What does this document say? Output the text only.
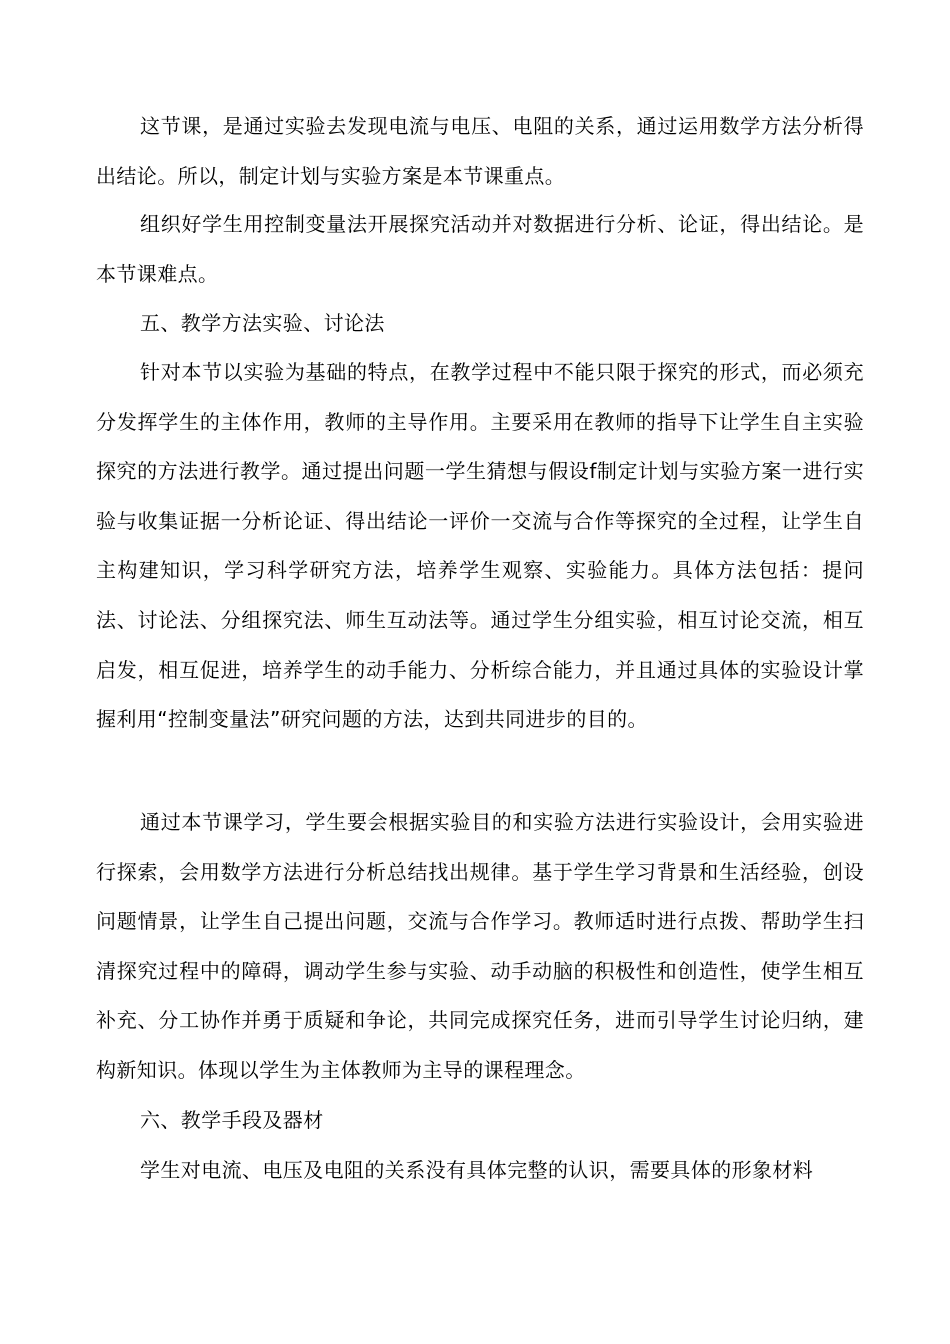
这节课，是通过实验去发现电流与电压、电阻的关系，通过运用数学方法分析得出结论。所以，制定计划与实验方案是本节课重点。

组织好学生用控制变量法开展探究活动并对数据进行分析、论证，得出结论。是本节课难点。

五、教学方法实验、讨论法

针对本节以实验为基础的特点，在教学过程中不能只限于探究的形式，而必须充分发挥学生的主体作用，教师的主导作用。主要采用在教师的指导下让学生自主实验探究的方法进行教学。通过提出问题一学生猜想与假设f制定计划与实验方案一进行实验与收集证据一分析论证、得出结论一评价一交流与合作等探究的全过程，让学生自主构建知识，学习科学研究方法，培养学生观察、实验能力。具体方法包括：提问法、讨论法、分组探究法、师生互动法等。通过学生分组实验，相互讨论交流，相互启发，相互促进，培养学生的动手能力、分析综合能力，并且通过具体的实验设计掌握利用“控制变量法”研究问题的方法，达到共同进步的目的。

通过本节课学习，学生要会根据实验目的和实验方法进行实验设计，会用实验进行探索，会用数学方法进行分析总结找出规律。基于学生学习背景和生活经验，创设问题情景，让学生自己提出问题，交流与合作学习。教师适时进行点拨、帮助学生扫清探究过程中的障碍，调动学生参与实验、动手动脑的积极性和创造性，使学生相互补充、分工协作并勇于质疑和争论，共同完成探究任务，进而引导学生讨论归纳，建构新知识。体现以学生为主体教师为主导的课程理念。

六、教学手段及器材

学生对电流、电压及电阻的关系没有具体完整的认识，需要具体的形象材料
